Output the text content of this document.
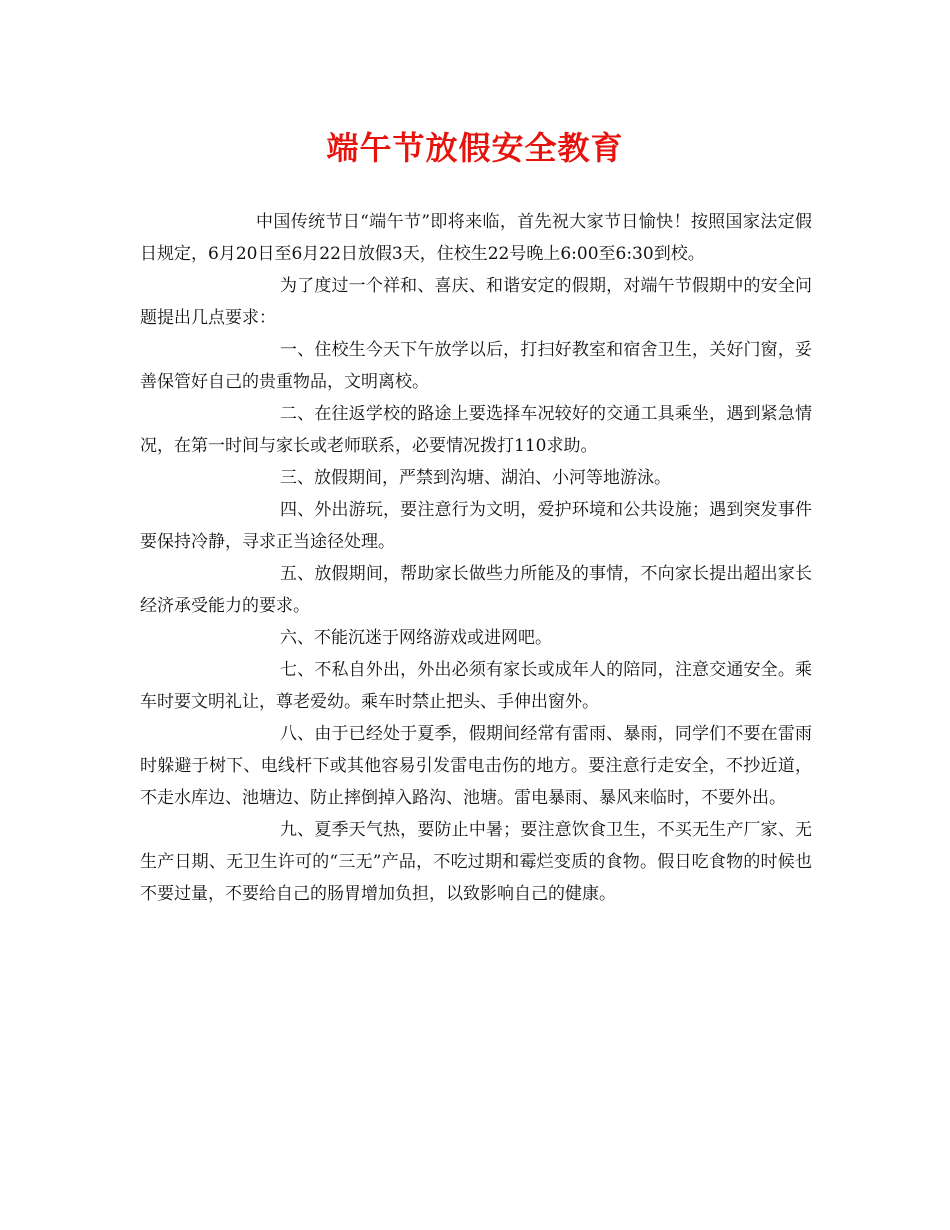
端午节放假安全教育

中国传统节日“端午节”即将来临，首先祝大家节日愉快！按照国家法定假日规定，6月20日至6月22日放假3天，住校生22号晚上6:00至6:30到校。

为了度过一个祥和、喜庆、和谐安定的假期，对端午节假期中的安全问题提出几点要求：

一、住校生今天下午放学以后，打扫好教室和宿舍卫生，关好门窗，妥善保管好自己的贵重物品，文明离校。

二、在往返学校的路途上要选择车况较好的交通工具乘坐，遇到紧急情况，在第一时间与家长或老师联系，必要情况拨打110求助。

三、放假期间，严禁到沟塘、湖泊、小河等地游泳。

四、外出游玩，要注意行为文明，爱护环境和公共设施；遇到突发事件要保持冷静，寻求正当途径处理。

五、放假期间，帮助家长做些力所能及的事情，不向家长提出超出家长经济承受能力的要求。

六、不能沉迷于网络游戏或进网吧。

七、不私自外出，外出必须有家长或成年人的陪同，注意交通安全。乘车时要文明礼让，尊老爱幼。乘车时禁止把头、手伸出窗外。

八、由于已经处于夏季，假期间经常有雷雨、暴雨，同学们不要在雷雨时躲避于树下、电线杆下或其他容易引发雷电击伤的地方。要注意行走安全，不抄近道，不走水库边、池塘边、防止摔倒掉入路沟、池塘。雷电暴雨、暴风来临时，不要外出。

九、夏季天气热，要防止中暑；要注意饮食卫生，不买无生产厂家、无生产日期、无卫生许可的“三无”产品，不吃过期和霉烂变质的食物。假日吃食物的时候也不要过量，不要给自己的肠胃增加负担，以致影响自己的健康。
